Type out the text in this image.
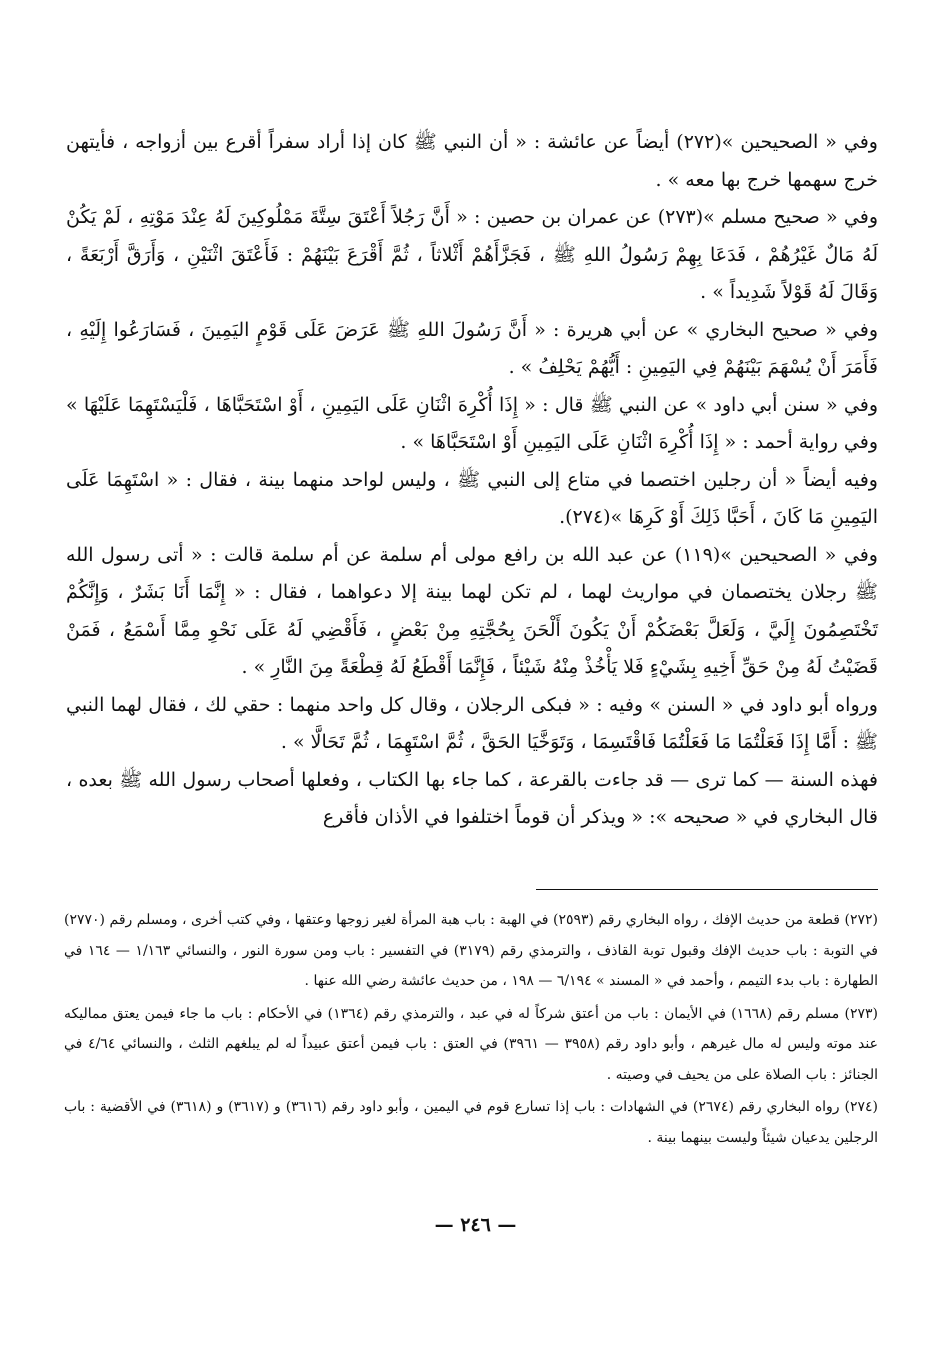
وفي « الصحيحين »(٢٧٢) أيضاً عن عائشة : « أن النبي ﷺ كان إذا أراد سفراً أقرع بين أزواجه ، فأيتهن خرج سهمها خرج بها معه » .

وفي « صحيح مسلم »(٢٧٣) عن عمران بن حصين : « أَنَّ رَجُلاً أَعْتَقَ سِتَّةَ مَمْلُوكِينَ لَهُ عِنْدَ مَوْتِهِ ، لَمْ يَكُنْ لَهُ مَالٌ غَيْرُهُمْ ، فَدَعَا بِهِمْ رَسُولُ اللهِ ﷺ ، فَجَزَّأَهُمْ أَثْلاثاً ، ثُمَّ أَقْرَعَ بَيْنَهُمْ : فَأَعْتَقَ اثْنَيْنِ ، وَأَرَقَّ أَرْبَعَةً ، وَقَالَ لَهُ قَوْلاً شَدِيداً » .

وفي « صحيح البخاري » عن أبي هريرة : « أَنَّ رَسُولَ اللهِ ﷺ عَرَضَ عَلَى قَوْمٍ اليَمِينَ ، فَسَارَعُوا إِلَيْهِ ، فَأَمَرَ أَنْ يُسْهَمَ بَيْنَهُمْ فِي اليَمِينِ : أَيُّهُمْ يَحْلِفُ » .

وفي « سنن أبي داود » عن النبي ﷺ قال : « إِذَا أُكْرِهَ اثْنَانِ عَلَى اليَمِينِ ، أَوْ اسْتَحَبَّاهَا ، فَلْيَسْتَهِمَا عَلَيْهَا » وفي رواية أحمد : « إِذَا أُكْرِهَ اثْنَانِ عَلَى اليَمِينِ أَوْ اسْتَحَبَّاهَا » .

وفيه أيضاً « أن رجلين اختصما في متاع إلى النبي ﷺ ، وليس لواحد منهما بينة ، فقال : « اسْتَهِمَا عَلَى اليَمِينِ مَا كَانَ ، أَحَبَّا ذَلِكَ أَوْ كَرِهَا »(٢٧٤).

وفي « الصحيحين »(١١٩) عن عبد الله بن رافع مولى أم سلمة عن أم سلمة قالت : « أتى رسول الله ﷺ رجلان يختصمان في مواريث لهما ، لم تكن لهما بينة إلا دعواهما ، فقال : « إِنَّمَا أَنَا بَشَرٌ ، وَإِنَّكُمْ تَخْتَصِمُونَ إِلَيَّ ، وَلَعَلَّ بَعْضَكُمْ أَنْ يَكُونَ أَلْحَنَ بِحُجَّتِهِ مِنْ بَعْضٍ ، فَأَقْضِي لَهُ عَلَى نَحْوِ مِمَّا أَسْمَعُ ، فَمَنْ قَضَيْتُ لَهُ مِنْ حَقِّ أَخِيهِ بِشَيْءٍ فَلا يَأْخُذْ مِنْهُ شَيْئاً ، فَإِنَّمَا أَقْطَعُ لَهُ قِطْعَةً مِنَ النَّارِ » .

ورواه أبو داود في « السنن » وفيه : « فبكى الرجلان ، وقال كل واحد منهما : حقي لك ، فقال لهما النبي ﷺ : أَمَّا إِذَا فَعَلْتُمَا مَا فَعَلْتُمَا فَاقْتَسِمَا ، وَتَوَخَّيَا الحَقَّ ، ثُمَّ اسْتَهِمَا ، ثُمَّ تَحَالَّا » .

فهذه السنة — كما ترى — قد جاءت بالقرعة ، كما جاء بها الكتاب ، وفعلها أصحاب رسول الله ﷺ بعده ، قال البخاري في « صحيحه »: « ويذكر أن قوماً اختلفوا في الأذان فأقرع

(٢٧٢) قطعة من حديث الإفك ، رواه البخاري رقم (٢٥٩٣) في الهبة : باب هبة المرأة لغير زوجها وعتقها ، وفي كتب أخرى ، ومسلم رقم (٢٧٧٠) في التوبة : باب حديث الإفك وقبول توبة القاذف ، والترمذي رقم (٣١٧٩) في التفسير : باب ومن سورة النور ، والنسائي ١/١٦٣ — ١٦٤ في الطهارة : باب بدء التيمم ، وأحمد في « المسند » ٦/١٩٤ — ١٩٨ ، من حديث عائشة رضي الله عنها .

(٢٧٣) مسلم رقم (١٦٦٨) في الأيمان : باب من أعتق شركاً له في عبد ، والترمذي رقم (١٣٦٤) في الأحكام : باب ما جاء فيمن يعتق مماليكه عند موته وليس له مال غيرهم ، وأبو داود رقم (٣٩٥٨ — ٣٩٦١) في العتق : باب فيمن أعتق عبيداً له لم يبلغهم الثلث ، والنسائي ٤/٦٤ في الجنائز : باب الصلاة على من يحيف في وصيته .

(٢٧٤) رواه البخاري رقم (٢٦٧٤) في الشهادات : باب إذا تسارع قوم في اليمين ، وأبو داود رقم (٣٦١٦) و (٣٦١٧) و (٣٦١٨) في الأقضية : باب الرجلين يدعيان شيئاً وليست بينهما بينة .

— ٢٤٦ —
